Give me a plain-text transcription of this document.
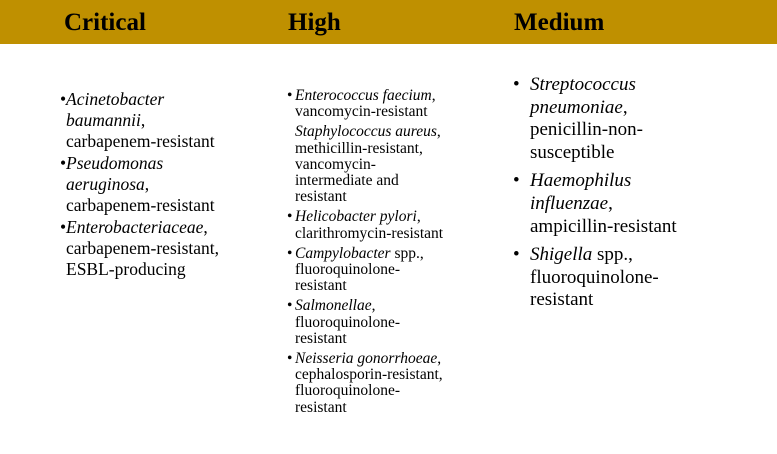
Critical	High	Medium
• Acinetobacter
baumannii,
carbapenem-resistant
• Pseudomonas
aeruginosa,
carbapenem-resistant
• Enterobacteriaceae,
carbapenem-resistant,
ESBL-producing
• Enterococcus faecium,
vancomycin-resistant
Staphylococcus aureus,
methicillin-resistant,
vancomycin-
intermediate and
resistant
• Helicobacter pylori,
clarithromycin-resistant
• Campylobacter spp.,
fluoroquinolone-
resistant
• Salmonellae,
fluoroquinolone-
resistant
• Neisseria gonorrhoeae,
cephalosporin-resistant,
fluoroquinolone-
resistant
• Streptococcus
pneumoniae,
penicillin-non-
susceptible
• Haemophilus
influenzae,
ampicillin-resistant
• Shigella spp.,
fluoroquinolone-
resistant
